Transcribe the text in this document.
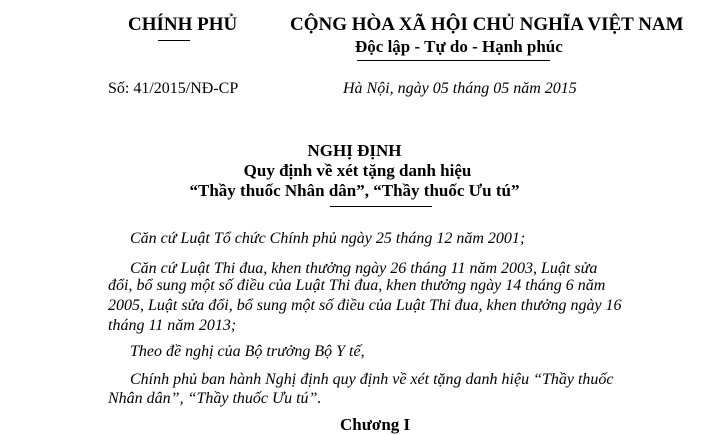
CHÍNH PHỦ	CỘNG HÒA XÃ HỘI CHỦ NGHĨA VIỆT NAM
Độc lập - Tự do - Hạnh phúc
Số: 41/2015/NĐ-CP	Hà Nội, ngày 05 tháng 05 năm 2015
NGHỊ ĐỊNH
Quy định về xét tặng danh hiệu
“Thầy thuốc Nhân dân”, “Thầy thuốc Ưu tú”
Căn cứ Luật Tổ chức Chính phủ ngày 25 tháng 12 năm 2001;
Căn cứ Luật Thi đua, khen thưởng ngày 26 tháng 11 năm 2003, Luật sửa
đổi, bổ sung một số điều của Luật Thi đua, khen thưởng ngày 14 tháng 6 năm
2005, Luật sửa đổi, bổ sung một số điều của Luật Thi đua, khen thưởng ngày 16
tháng 11 năm 2013;
Theo đề nghị của Bộ trưởng Bộ Y tế,
Chính phủ ban hành Nghị định quy định về xét tặng danh hiệu “Thầy thuốc
Nhân dân”, “Thầy thuốc Ưu tú”.
Chương I
